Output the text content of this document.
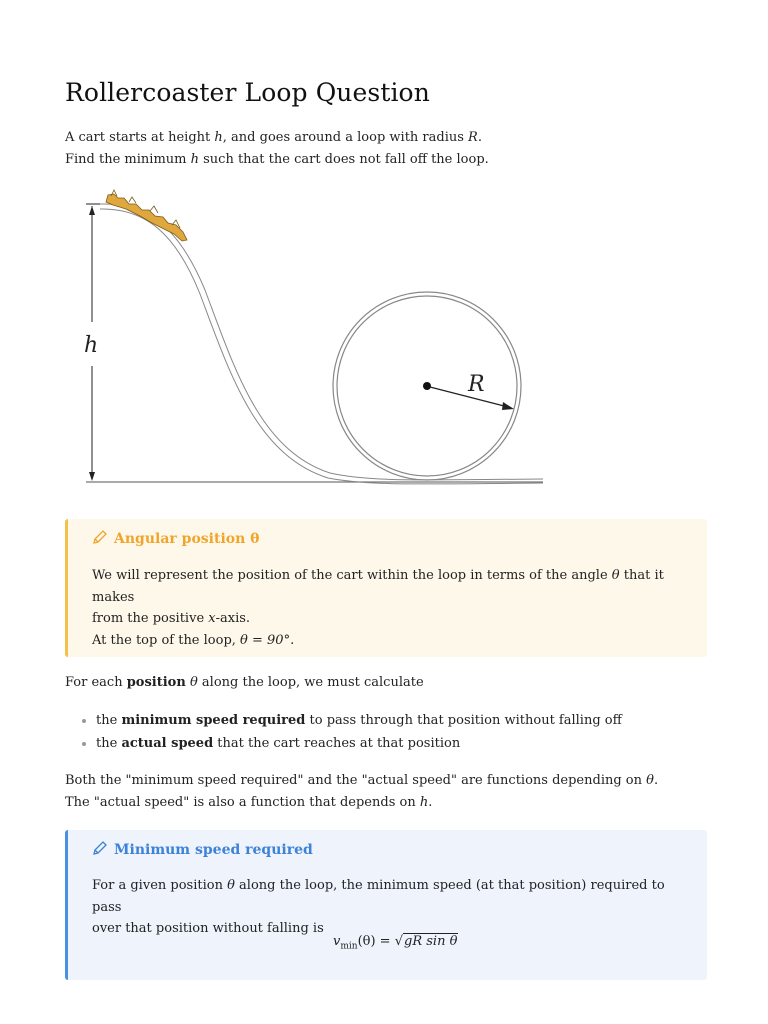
Rollercoaster Loop Question

A cart starts at height h, and goes around a loop with radius R.
Find the minimum h such that the cart does not fall off the loop.

h
R
Angular position θ
We will represent the position of the cart within the loop in terms of the angle θ that it makes
from the positive x-axis.
At the top of the loop, θ = 90°.

For each position θ along the loop, we must calculate

• the minimum speed required to pass through that position without falling off
• the actual speed that the cart reaches at that position

Both the "minimum speed required" and the "actual speed" are functions depending on θ.
The "actual speed" is also a function that depends on h.

Minimum speed required
For a given position θ along the loop, the minimum speed (at that position) required to pass
over that position without falling is
$v_{min}(\theta) = √gR$ sin θ
